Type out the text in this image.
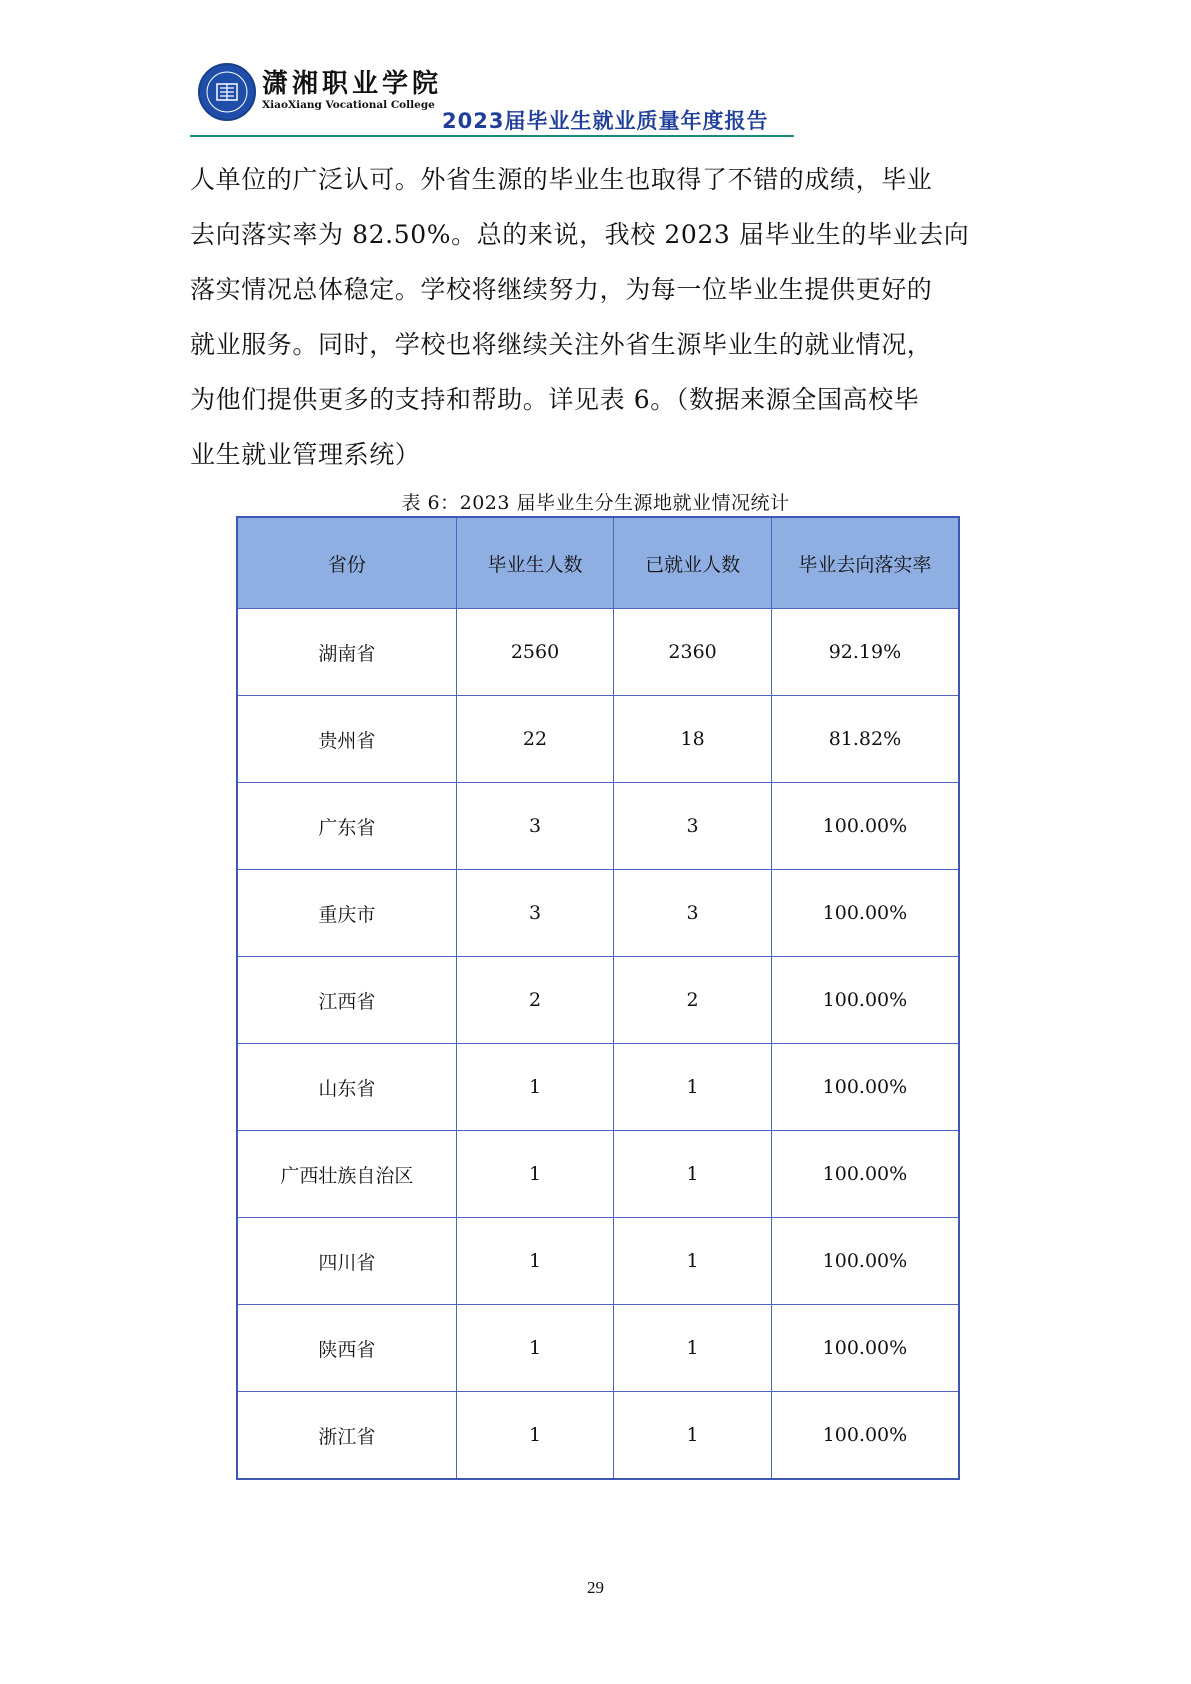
潇湘职业学院
XiaoXiang Vocational College
2023届毕业生就业质量年度报告
人单位的广泛认可。外省生源的毕业生也取得了不错的成绩，毕业
去向落实率为 82.50%。总的来说，我校 2023 届毕业生的毕业去向
落实情况总体稳定。学校将继续努力，为每一位毕业生提供更好的
就业服务。同时，学校也将继续关注外省生源毕业生的就业情况，
为他们提供更多的支持和帮助。详见表 6。（数据来源全国高校毕
业生就业管理系统）
表 6：2023 届毕业生分生源地就业情况统计
省份	毕业生人数	已就业人数	毕业去向落实率
湖南省	2560	2360	92.19%
贵州省	22	18	81.82%
广东省	3	3	100.00%
重庆市	3	3	100.00%
江西省	2	2	100.00%
山东省	1	1	100.00%
广西壮族自治区	1	1	100.00%
四川省	1	1	100.00%
陕西省	1	1	100.00%
浙江省	1	1	100.00%
29
